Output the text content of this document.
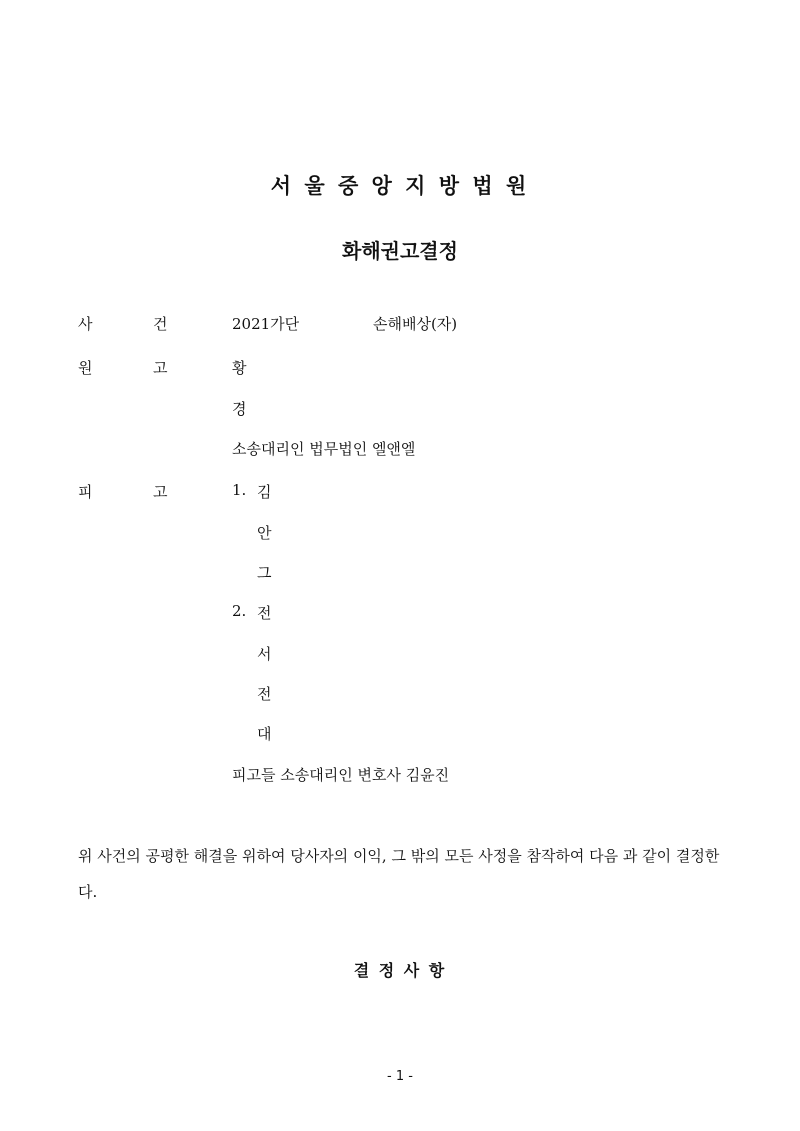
서 울 중 앙 지 방 법 원
화해권고결정
사	건	2021가단	손해배상(자)
원	고	황
경
소송대리인 법무법인 엘앤엘
피	고	1. 김
안
그
2. 전
서
전
대
피고들 소송대리인 변호사 김윤진
위 사건의 공평한 해결을 위하여 당사자의 이익, 그 밖의 모든 사정을 참작하여 다음 과 같이 결정한다.
결 정 사 항
- 1 -
